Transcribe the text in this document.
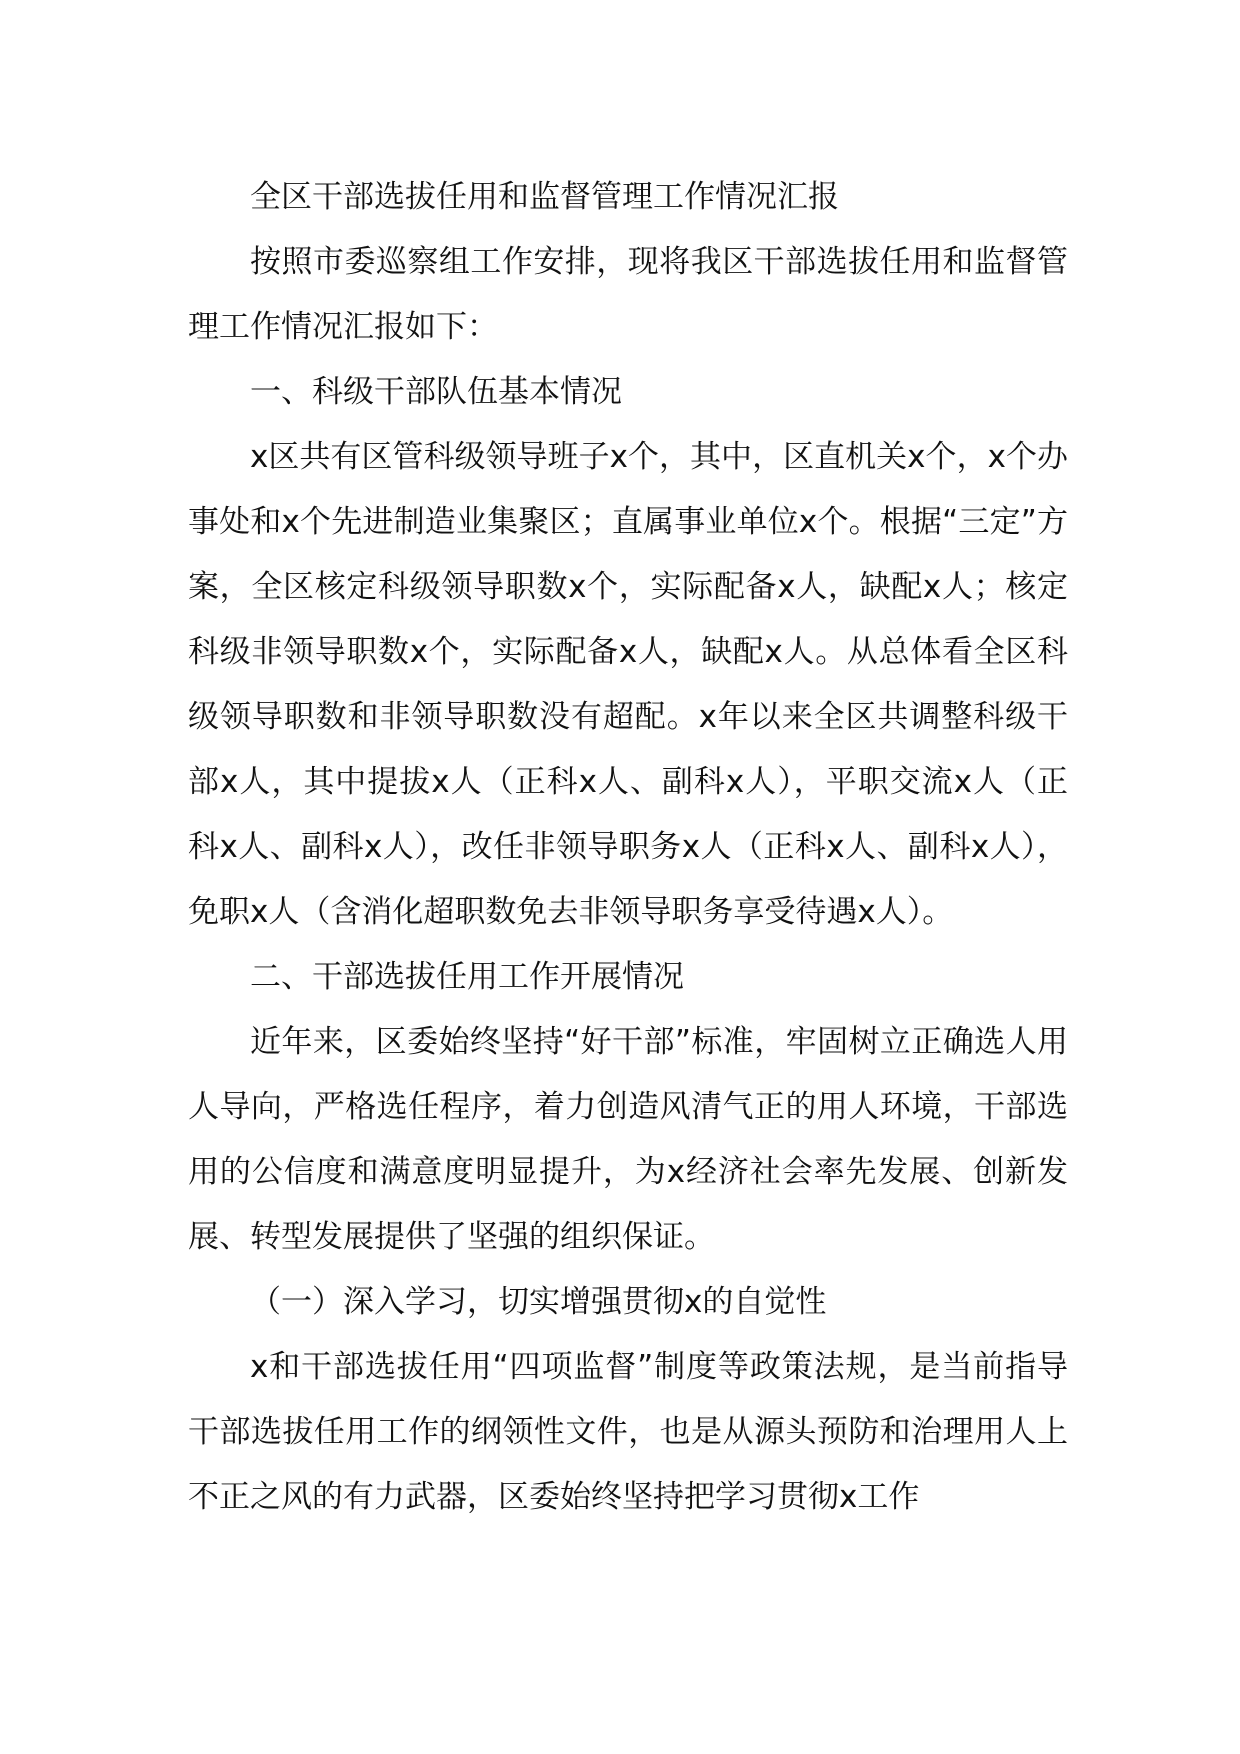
全区干部选拔任用和监督管理工作情况汇报

按照市委巡察组工作安排，现将我区干部选拔任用和监督管理工作情况汇报如下：

一、科级干部队伍基本情况

x区共有区管科级领导班子x个，其中，区直机关x个，x个办事处和x个先进制造业集聚区；直属事业单位x个。根据“三定”方案，全区核定科级领导职数x个，实际配备x人，缺配x人；核定科级非领导职数x个，实际配备x人，缺配x人。从总体看全区科级领导职数和非领导职数没有超配。x年以来全区共调整科级干部x人，其中提拔x人（正科x人、副科x人），平职交流x人（正科x人、副科x人），改任非领导职务x人（正科x人、副科x人），免职x人（含消化超职数免去非领导职务享受待遇x人）。

二、干部选拔任用工作开展情况

近年来，区委始终坚持“好干部”标准，牢固树立正确选人用人导向，严格选任程序，着力创造风清气正的用人环境，干部选用的公信度和满意度明显提升，为x经济社会率先发展、创新发展、转型发展提供了坚强的组织保证。

（一）深入学习，切实增强贯彻x的自觉性

x和干部选拔任用“四项监督”制度等政策法规，是当前指导干部选拔任用工作的纲领性文件，也是从源头预防和治理用人上不正之风的有力武器，区委始终坚持把学习贯彻x工作
